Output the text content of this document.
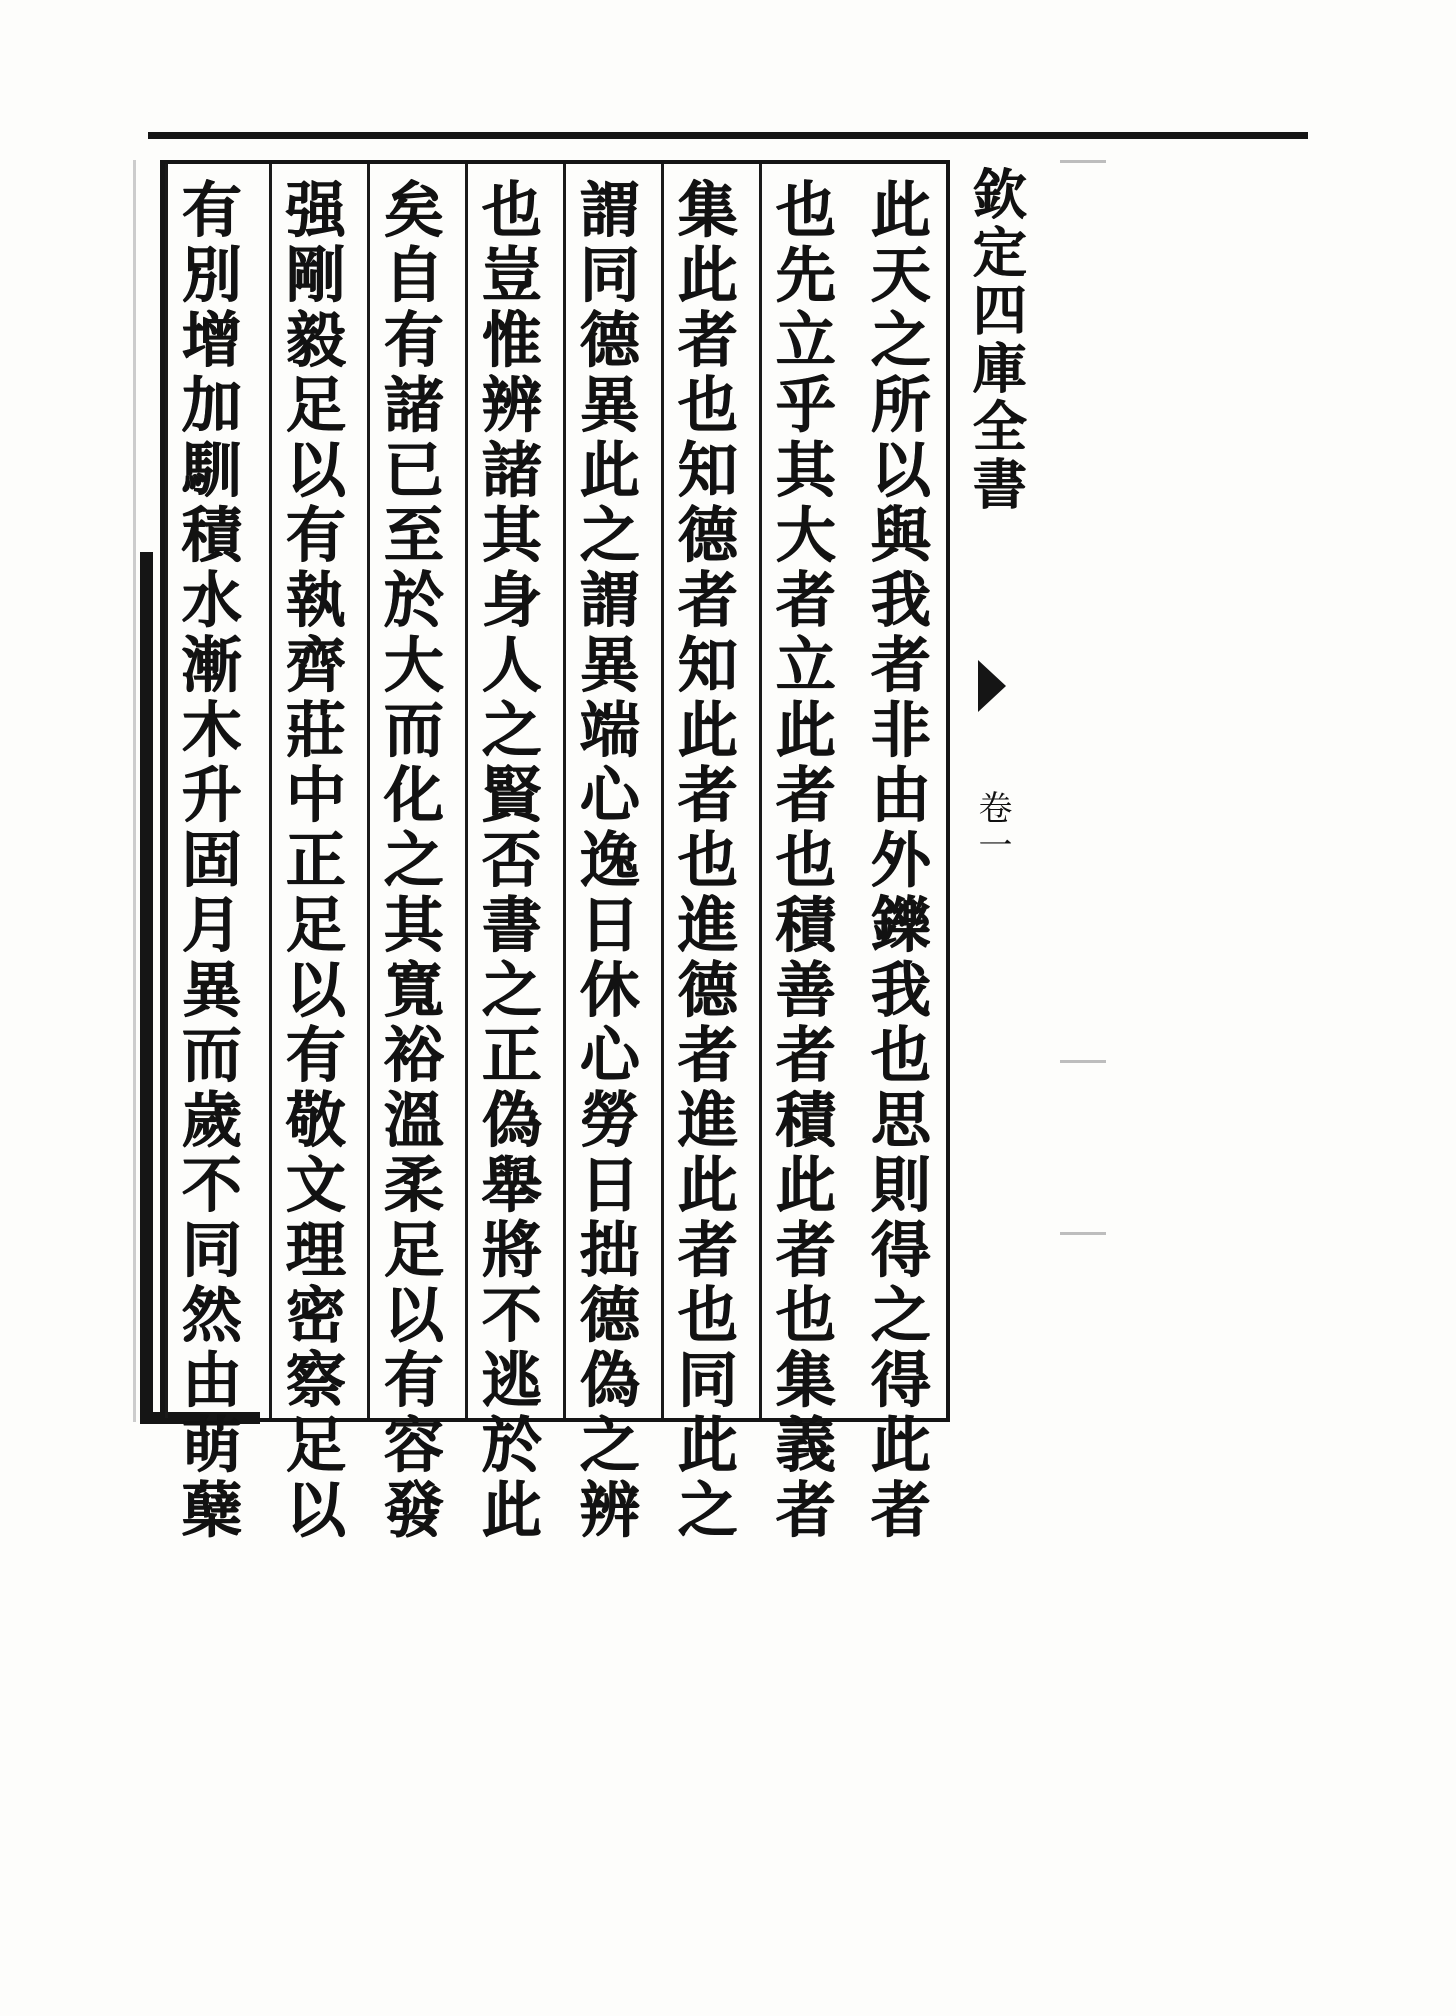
此天之所以與我者非由外鑠我也思則得之得此者
也先立乎其大者立此者也積善者積此者也集義者
集此者也知德者知此者也進德者進此者也同此之
謂同德異此之謂異端心逸日休心勞日拙德偽之辨
也豈惟辨諸其身人之賢否書之正偽舉將不逃於此
矣自有諸已至於大而化之其寬裕溫柔足以有容發
强剛毅足以有執齊莊中正足以有敬文理密察足以
有別增加馴積水漸木升固月異而歲不同然由萌蘖	欽定四庫全書
卷一
